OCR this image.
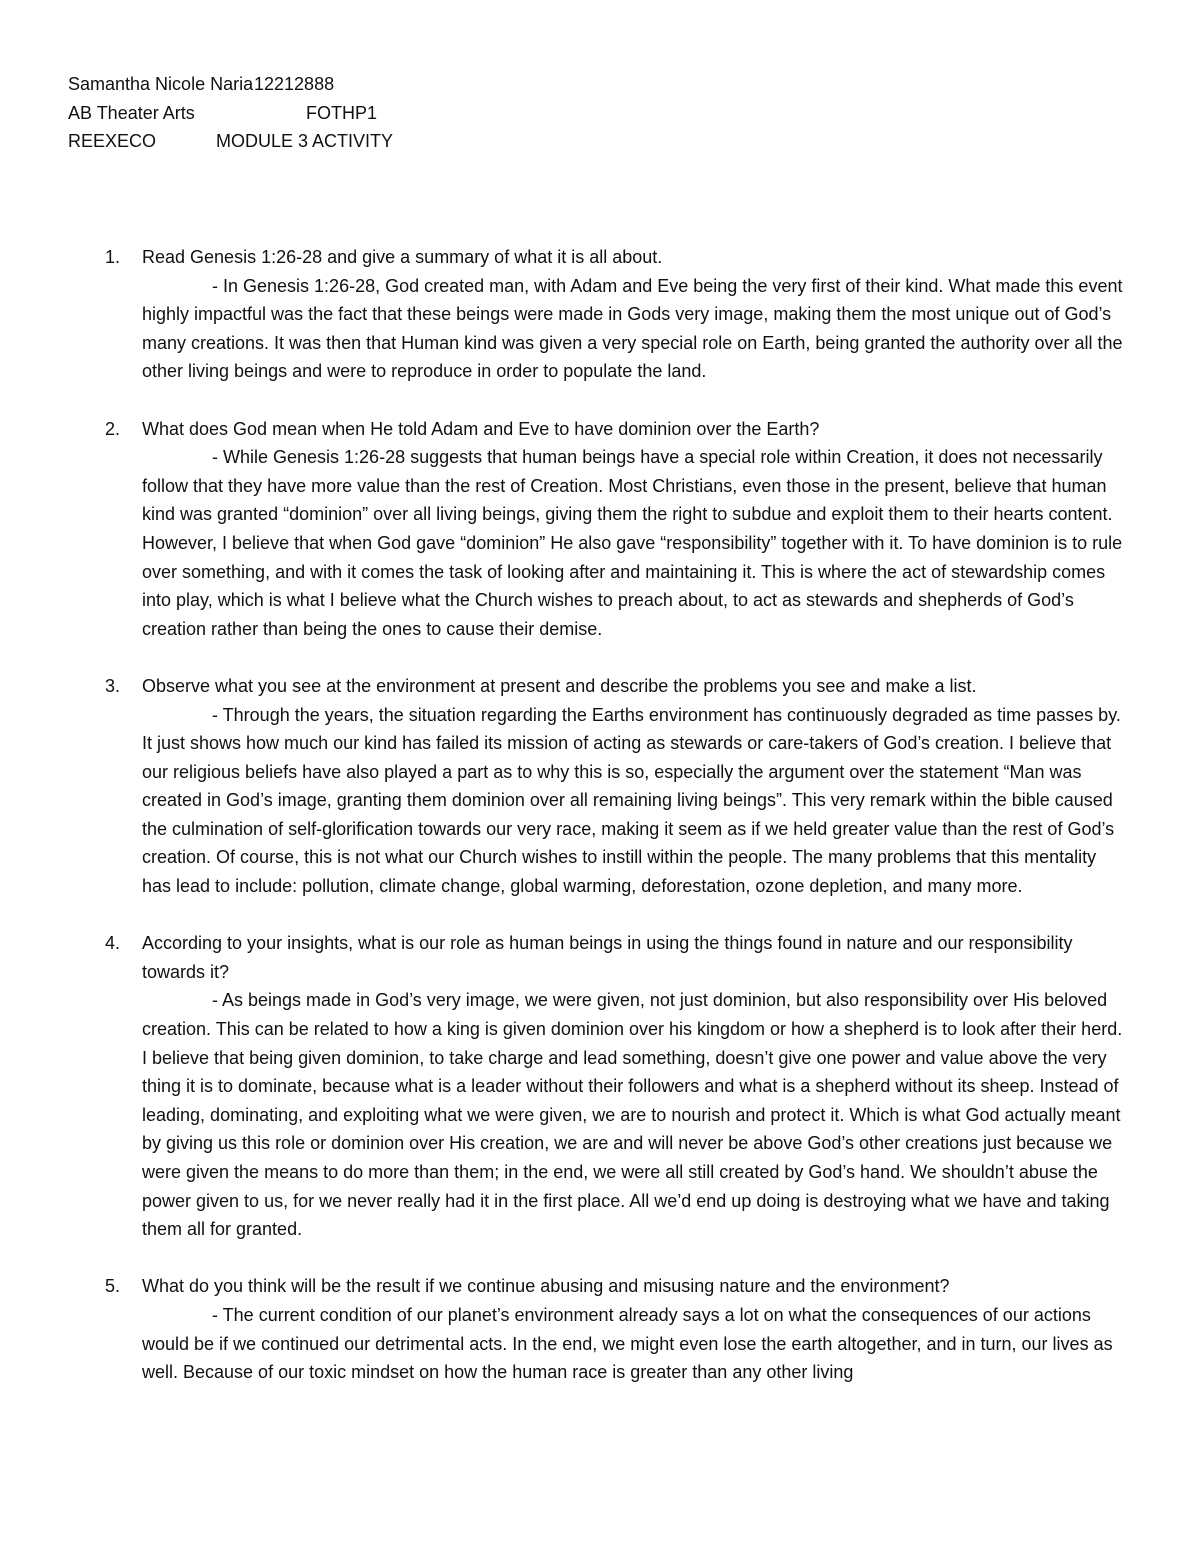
Samantha Nicole Naria 12212888
AB Theater Arts	FOTHP1
REEXECO	MODULE 3 ACTIVITY
1. Read Genesis 1:26-28 and give a summary of what it is all about.

- In Genesis 1:26-28, God created man, with Adam and Eve being the very first of their kind. What made this event highly impactful was the fact that these beings were made in Gods very image, making them the most unique out of God’s many creations. It was then that Human kind was given a very special role on Earth, being granted the authority over all the other living beings and were to reproduce in order to populate the land.

2. What does God mean when He told Adam and Eve to have dominion over the Earth?

- While Genesis 1:26-28 suggests that human beings have a special role within Creation, it does not necessarily follow that they have more value than the rest of Creation. Most Christians, even those in the present, believe that human kind was granted “dominion” over all living beings, giving them the right to subdue and exploit them to their hearts content. However, I believe that when God gave “dominion” He also gave “responsibility” together with it. To have dominion is to rule over something, and with it comes the task of looking after and maintaining it. This is where the act of stewardship comes into play, which is what I believe what the Church wishes to preach about, to act as stewards and shepherds of God’s creation rather than being the ones to cause their demise.

3. Observe what you see at the environment at present and describe the problems you see and make a list.

- Through the years, the situation regarding the Earths environment has continuously degraded as time passes by. It just shows how much our kind has failed its mission of acting as stewards or care-takers of God’s creation. I believe that our religious beliefs have also played a part as to why this is so, especially the argument over the statement “Man was created in God’s image, granting them dominion over all remaining living beings”. This very remark within the bible caused the culmination of self-glorification towards our very race, making it seem as if we held greater value than the rest of God’s creation. Of course, this is not what our Church wishes to instill within the people. The many problems that this mentality has lead to include: pollution, climate change, global warming, deforestation, ozone depletion, and many more.

4. According to your insights, what is our role as human beings in using the things found in nature and our responsibility towards it?

- As beings made in God’s very image, we were given, not just dominion, but also responsibility over His beloved creation. This can be related to how a king is given dominion over his kingdom or how a shepherd is to look after their herd. I believe that being given dominion, to take charge and lead something, doesn’t give one power and value above the very thing it is to dominate, because what is a leader without their followers and what is a shepherd without its sheep. Instead of leading, dominating, and exploiting what we were given, we are to nourish and protect it. Which is what God actually meant by giving us this role or dominion over His creation, we are and will never be above God’s other creations just because we were given the means to do more than them; in the end, we were all still created by God’s hand. We shouldn’t abuse the power given to us, for we never really had it in the first place. All we’d end up doing is destroying what we have and taking them all for granted.

5. What do you think will be the result if we continue abusing and misusing nature and the environment?

- The current condition of our planet’s environment already says a lot on what the consequences of our actions would be if we continued our detrimental acts. In the end, we might even lose the earth altogether, and in turn, our lives as well. Because of our toxic mindset on how the human race is greater than any other living
